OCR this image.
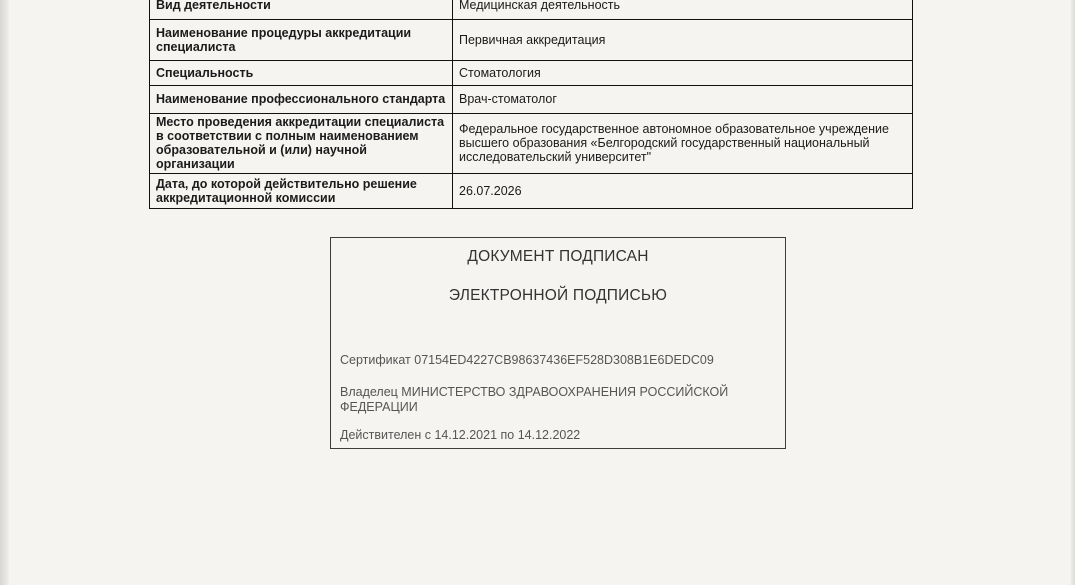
Вид деятельности	Медицинская деятельность
Наименование процедуры аккредитации специалиста	Первичная аккредитация
Специальность	Стоматология
Наименование профессионального стандарта	Врач-стоматолог
Место проведения аккредитации специалиста в соответствии с полным наименованием образовательной и (или) научной организации	Федеральное государственное автономное образовательное учреждение высшего образования «Белгородский государственный национальный исследовательский университет"
Дата, до которой действительно решение аккредитационной комиссии	26.07.2026
ДОКУМЕНТ ПОДПИСАН
ЭЛЕКТРОННОЙ ПОДПИСЬЮ
Сертификат 07154ED4227CB98637436EF528D308B1E6DEDC09
Владелец МИНИСТЕРСТВО ЗДРАВООХРАНЕНИЯ РОССИЙСКОЙ ФЕДЕРАЦИИ
Действителен с 14.12.2021 по 14.12.2022
